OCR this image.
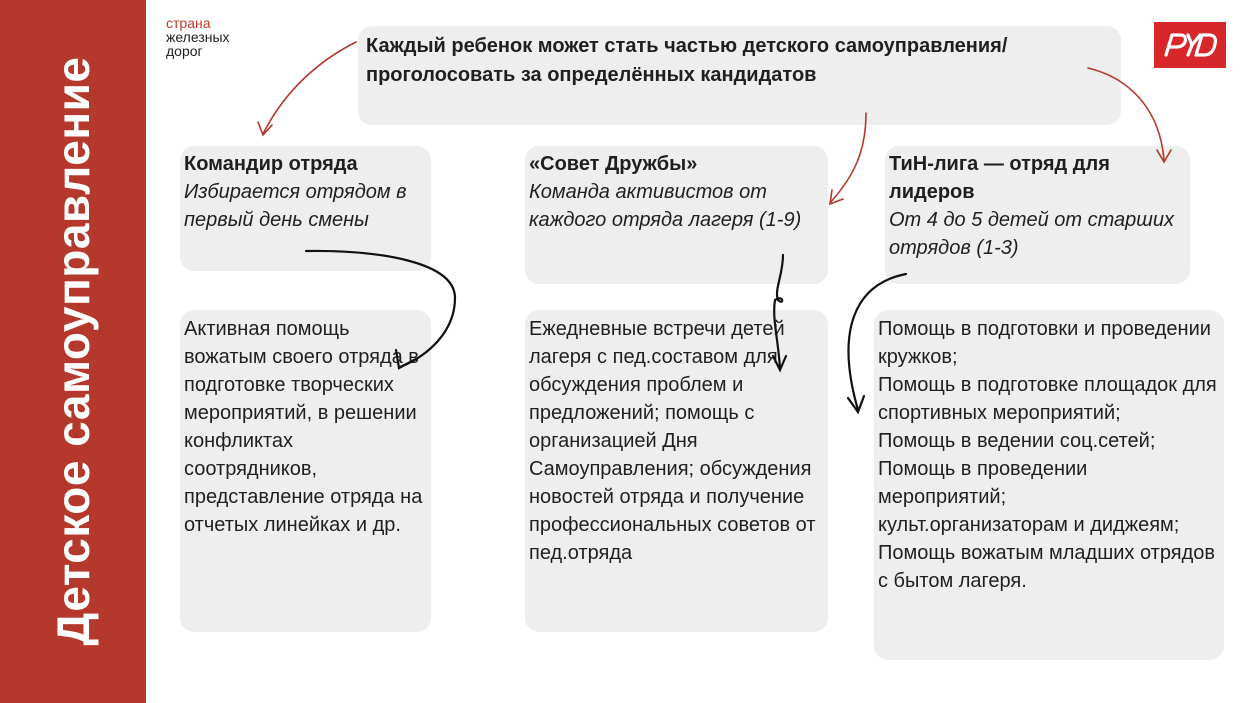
Детское самоуправление
страна
железных
дорог	Каждый ребенок может стать частью детского самоуправления/проголосовать за определённых кандидатов
Командир отряда
Избирается отрядом в первый день смены
«Совет Дружбы»
Команда активистов от каждого отряда лагеря (1-9)
ТиН-лига — отряд для лидеров
От 4 до 5 детей от старших отрядов (1-3)
Активная помощь вожатым своего отряда в подготовке творческих мероприятий, в решении конфликтах соотрядников, представление отряда на отчетых линейках и др.
Ежедневные встречи детей лагеря с пед.составом для обсуждения проблем и предложений; помощь с организацией Дня Самоуправления; обсуждения новостей отряда и получение профессиональных советов от пед.отряда
Помощь в подготовки и проведении кружков;
Помощь в подготовке площадок для спортивных мероприятий;
Помощь в ведении соц.сетей;
Помощь в проведении мероприятий;
культ.организаторам и диджеям;
Помощь вожатым младших отрядов с бытом лагеря.
